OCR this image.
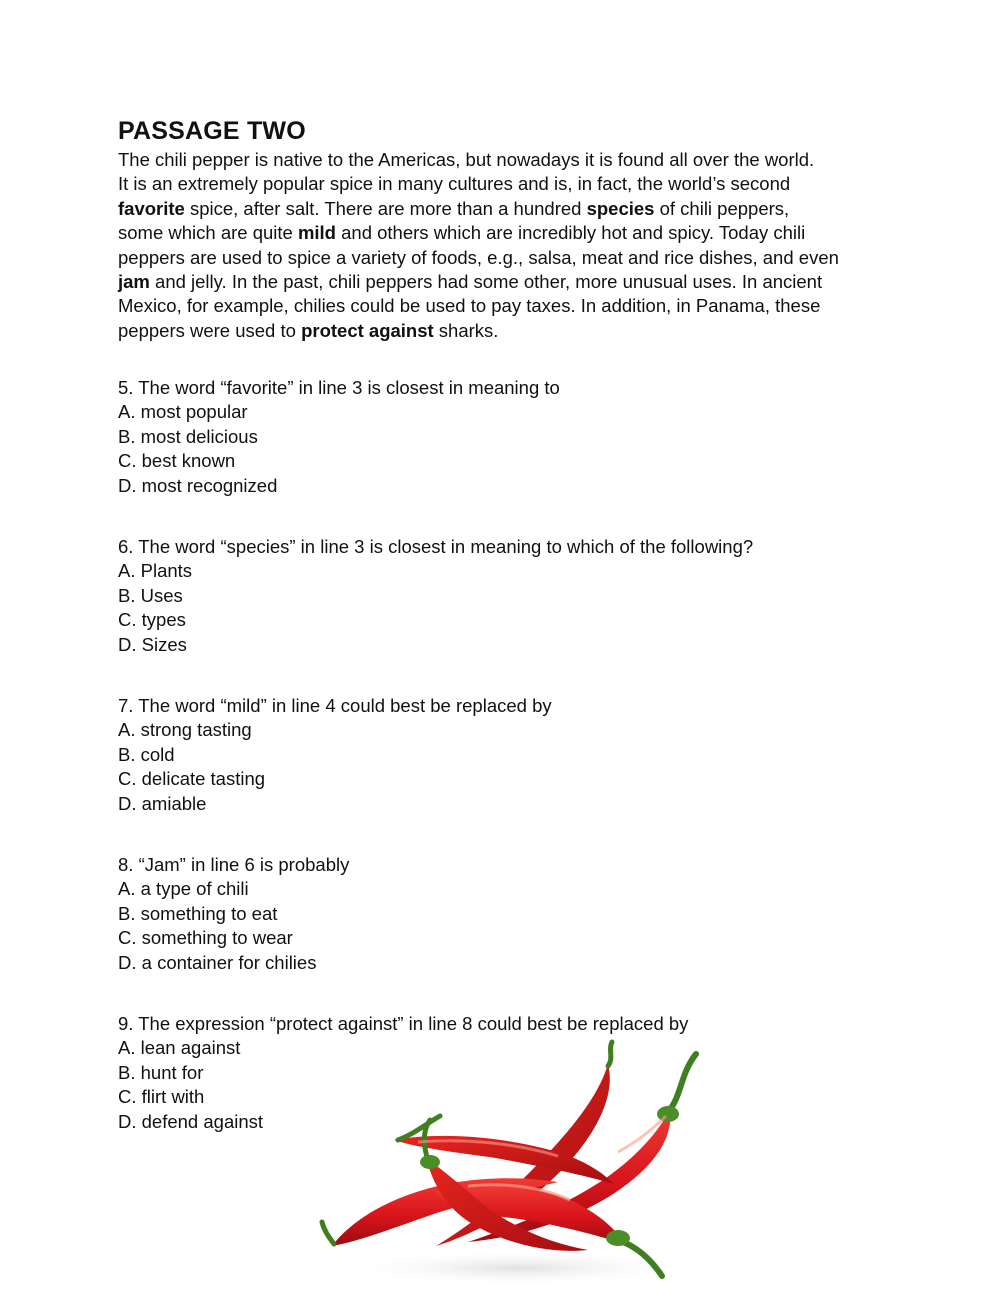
PASSAGE TWO
The chili pepper is native to the Americas, but nowadays it is found all over the world.
It is an extremely popular spice in many cultures and is, in fact, the world’s second
favorite spice, after salt. There are more than a hundred species of chili peppers,
some which are quite mild and others which are incredibly hot and spicy. Today chili
peppers are used to spice a variety of foods, e.g., salsa, meat and rice dishes, and even
jam and jelly. In the past, chili peppers had some other, more unusual uses. In ancient
Mexico, for example, chilies could be used to pay taxes. In addition, in Panama, these
peppers were used to protect against sharks.
5. The word “favorite” in line 3 is closest in meaning to
A. most popular
B. most delicious
C. best known
D. most recognized
6. The word “species” in line 3 is closest in meaning to which of the following?
A. Plants
B. Uses
C. types
D. Sizes
7. The word “mild” in line 4 could best be replaced by
A. strong tasting
B. cold
C. delicate tasting
D. amiable
8. “Jam” in line 6 is probably
A. a type of chili
B. something to eat
C. something to wear
D. a container for chilies
9. The expression “protect against” in line 8 could best be replaced by
A. lean against
B. hunt for
C. flirt with
D. defend against
